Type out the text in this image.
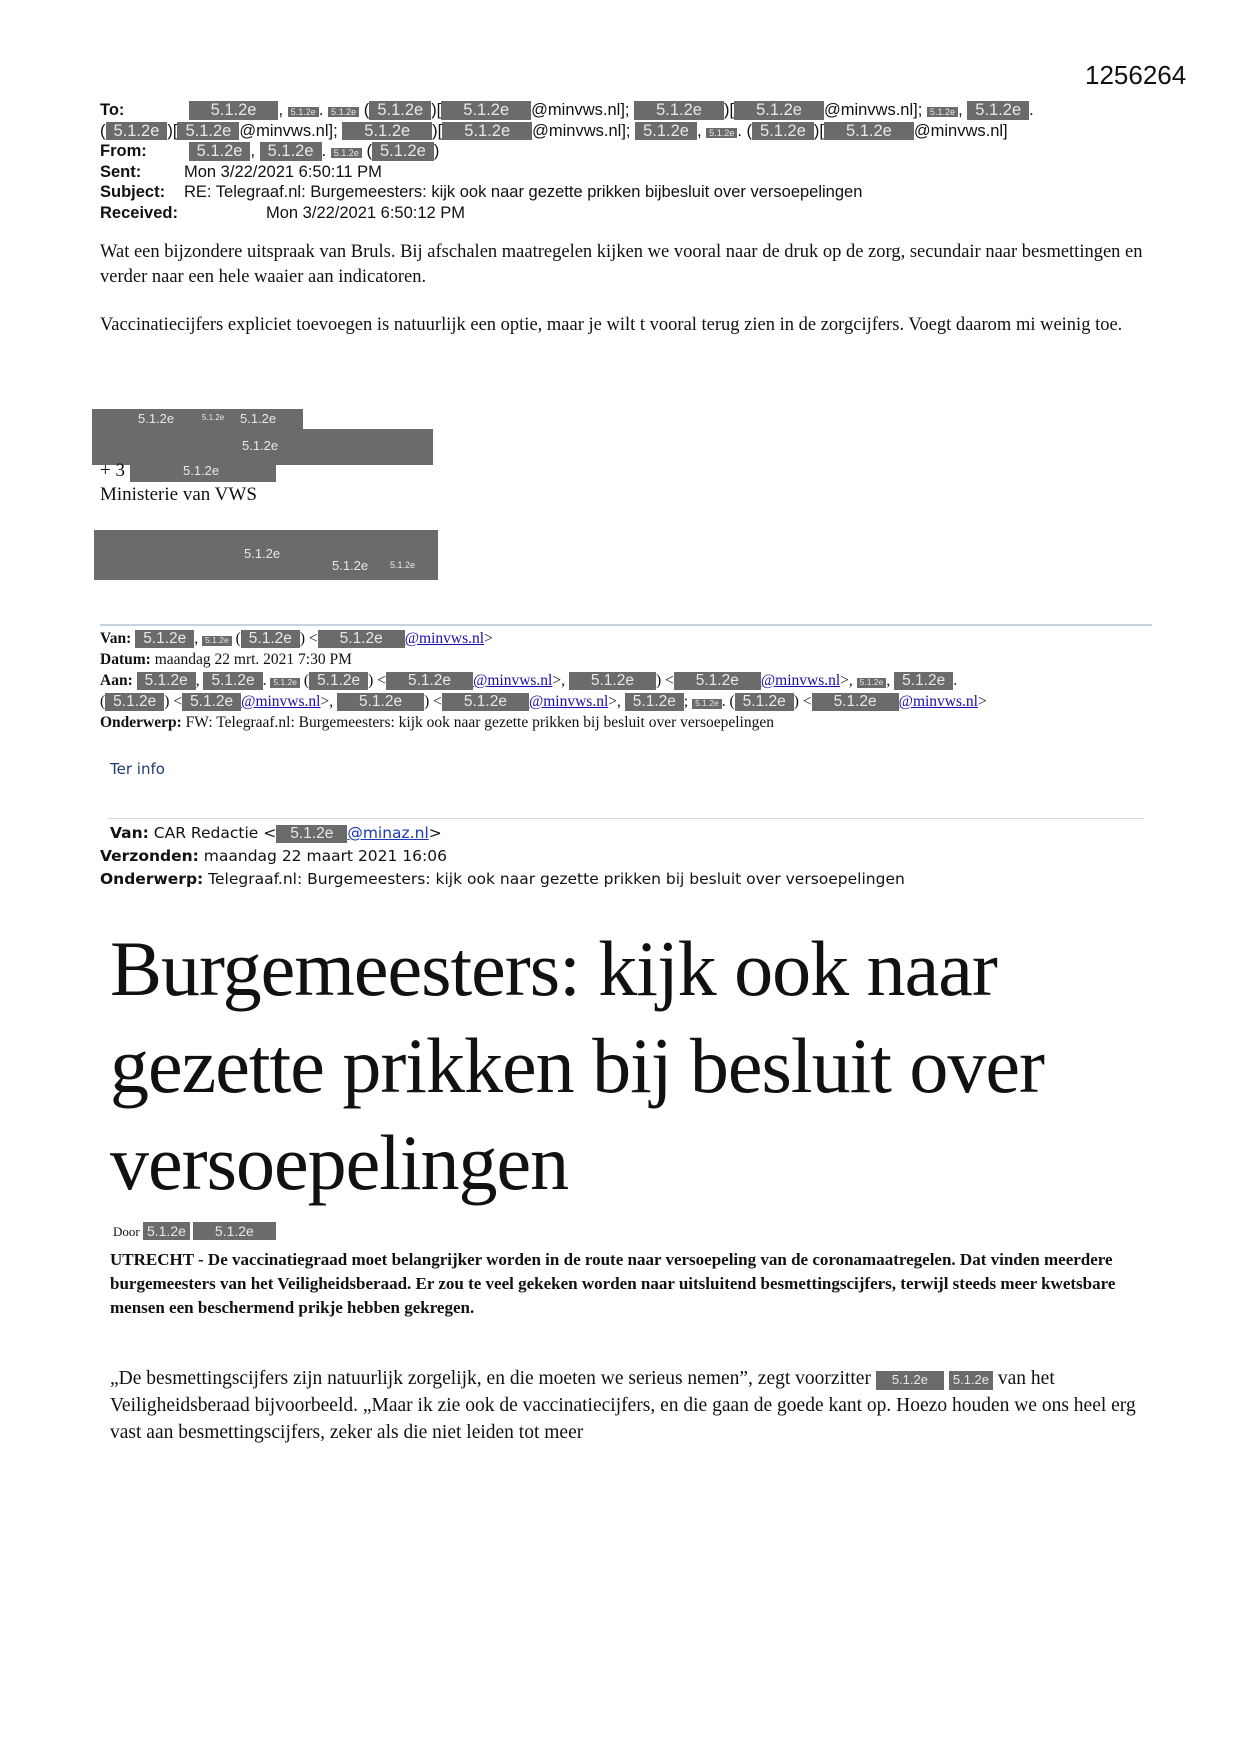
1256264
To:	5.1.2e , 5.1.2e . 5.1.2e ( 5.1.2e )[ 5.1.2e @minvws.nl]; 5.1.2e )[ 5.1.2e @minvws.nl]; 5.1.2e , 5.1.2e .
( 5.1.2e )[ 5.1.2e @minvws.nl]; 5.1.2e )[ 5.1.2e @minvws.nl]; 5.1.2e , 5.1.2e . ( 5.1.2e )[ 5.1.2e @minvws.nl]
From:	5.1.2e , 5.1.2e . 5.1.2e ( 5.1.2e )
Sent:	Mon 3/22/2021 6:50:11 PM
Subject: RE: Telegraaf.nl: Burgemeesters: kijk ook naar gezette prikken bijbesluit over versoepelingen
Received:	Mon 3/22/2021 6:50:12 PM
Wat een bijzondere uitspraak van Bruls. Bij afschalen maatregelen kijken we vooral naar de druk op de zorg, secundair naar besmettingen en verder naar een hele waaier aan indicatoren.
Vaccinatiecijfers expliciet toevoegen is natuurlijk een optie, maar je wilt t vooral terug zien in de zorgcijfers. Voegt daarom mi weinig toe.
5.1.2e	5.1.2e 5.1.2e
5.1.2e
+ 3	5.1.2e
Ministerie van VWS
5.1.2e
5.1.2e 5.1.2e
Van: 5.1.2e , 5.1.2e ( 5.1.2e ) < 5.1.2e @minvws.nl>
Datum: maandag 22 mrt. 2021 7:30 PM
Aan: 5.1.2e , 5.1.2e . 5.1.2e ( 5.1.2e ) < 5.1.2e @minvws.nl>, 5.1.2e ) < 5.1.2e @minvws.nl>, 5.1.2e , 5.1.2e .
( 5.1.2e ) < 5.1.2e @minvws.nl>, 5.1.2e ) < 5.1.2e @minvws.nl>, 5.1.2e ; 5.1.2e . ( 5.1.2e ) < 5.1.2e @minvws.nl>
Onderwerp: FW: Telegraaf.nl: Burgemeesters: kijk ook naar gezette prikken bij besluit over versoepelingen
Ter info
Van: CAR Redactie < 5.1.2e @minaz.nl>
Verzonden: maandag 22 maart 2021 16:06
Onderwerp: Telegraaf.nl: Burgemeesters: kijk ook naar gezette prikken bij besluit over versoepelingen
Burgemeesters: kijk ook naar gezette prikken bij besluit over versoepelingen
Door 5.1.2e 5.1.2e
UTRECHT - De vaccinatiegraad moet belangrijker worden in de route naar versoepeling van de coronamaatregelen. Dat vinden meerdere burgemeesters van het Veiligheidsberaad. Er zou te veel gekeken worden naar uitsluitend besmettingscijfers, terwijl steeds meer kwetsbare mensen een beschermend prikje hebben gekregen.
„De besmettingscijfers zijn natuurlijk zorgelijk, en die moeten we serieus nemen”, zegt voorzitter 5.1.2e 5.1.2e van het Veiligheidsberaad bijvoorbeeld. „Maar ik zie ook de vaccinatiecijfers, en die gaan de goede kant op. Hoezo houden we ons heel erg vast aan besmettingscijfers, zeker als die niet leiden tot meer
